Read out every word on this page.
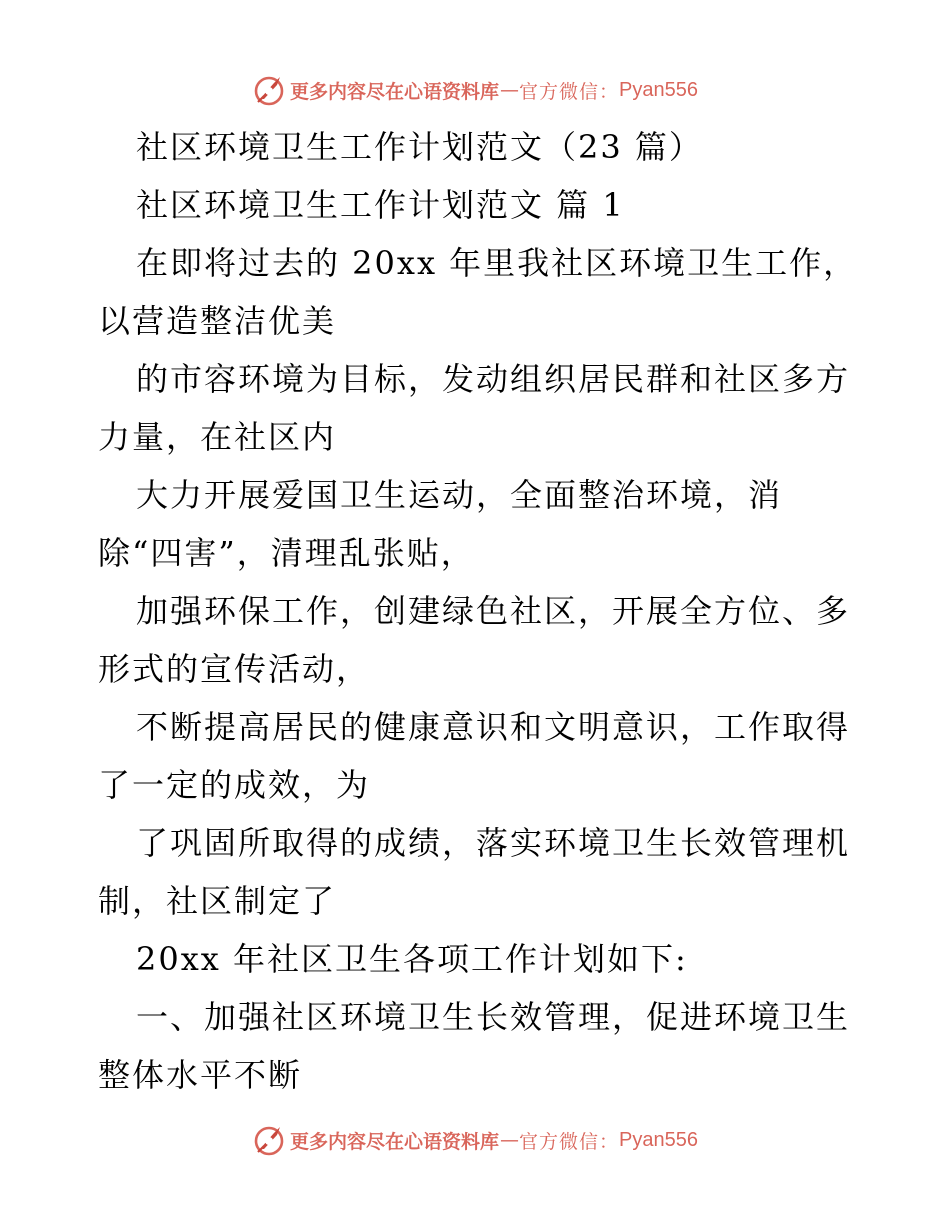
更多内容尽在心语资料库 — 官方微信： Pyan556
社区环境卫生工作计划范文（23 篇）
社区环境卫生工作计划范文 篇 1
在即将过去的 20xx 年里我社区环境卫生工作，
以营造整洁优美
的市容环境为目标，发动组织居民群和社区多方
力量，在社区内
大力开展爱国卫生运动，全面整治环境，消
除“四害”，清理乱张贴，
加强环保工作，创建绿色社区，开展全方位、多
形式的宣传活动，
不断提高居民的健康意识和文明意识，工作取得
了一定的成效，为
了巩固所取得的成绩，落实环境卫生长效管理机
制，社区制定了
20xx 年社区卫生各项工作计划如下:
一、加强社区环境卫生长效管理，促进环境卫生
整体水平不断
更多内容尽在心语资料库 — 官方微信： Pyan556
